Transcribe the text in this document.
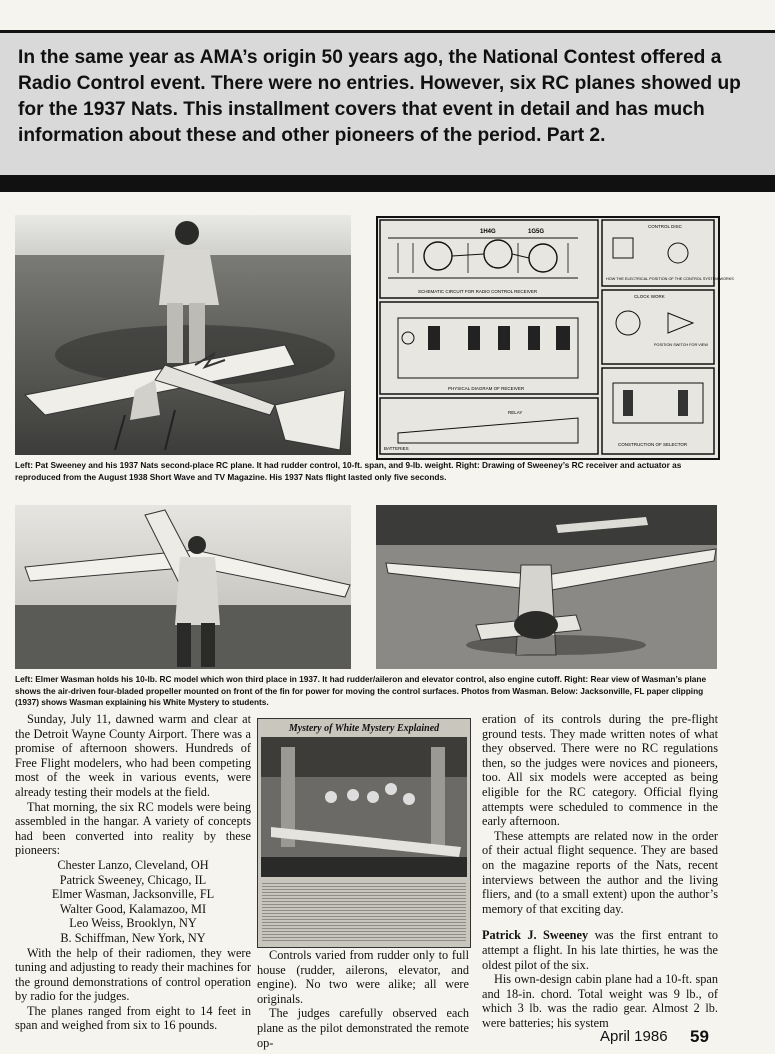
In the same year as AMA’s origin 50 years ago, the National Contest offered a Radio Control event. There were no entries. However, six RC planes showed up for the 1937 Nats. This installment covers that event in detail and has much information about these and other pioneers of the period. Part 2.
1H4G	1G5G
SCHEMATIC CIRCUIT FOR RADIO CONTROL RECEIVER
PHYSICAL DIAGRAM OF RECEIVER
BATTERIES
RELAY
CONTROL DISC
HOW THE ELECTRICAL POSITION OF THE CONTROL SYSTEM WORKS
CLOCK WORK
POSITION SWITCH FOR VIEW
CONSTRUCTION OF SELECTOR
Left: Pat Sweeney and his 1937 Nats second-place RC plane. It had rudder control, 10-ft. span, and 9-lb. weight. Right: Drawing of Sweeney’s RC receiver and actuator as reproduced from the August 1938 Short Wave and TV Magazine. His 1937 Nats flight lasted only five seconds.
Left: Elmer Wasman holds his 10-lb. RC model which won third place in 1937. It had rudder/aileron and elevator control, also engine cutoff. Right: Rear view of Wasman’s plane shows the air-driven four-bladed propeller mounted on front of the fin for power for moving the control surfaces. Photos from Wasman. Below: Jacksonville, FL paper clipping (1937) shows Wasman explaining his White Mystery to students.

Sunday, July 11, dawned warm and clear at the Detroit Wayne County Airport. There was a promise of afternoon showers. Hundreds of Free Flight modelers, who had been competing most of the week in various events, were already testing their models at the field.

That morning, the six RC models were being assembled in the hangar. A variety of concepts had been converted into reality by these pioneers:

Chester Lanzo, Cleveland, OH
Patrick Sweeney, Chicago, IL
Elmer Wasman, Jacksonville, FL
Walter Good, Kalamazoo, MI
Leo Weiss, Brooklyn, NY
B. Schiffman, New York, NY

With the help of their radiomen, they were tuning and adjusting to ready their machines for the ground demonstrations of control operation by radio for the judges.

The planes ranged from eight to 14 feet in span and weighed from six to 16 pounds.

Mystery of White Mystery Explained

Controls varied from rudder only to full house (rudder, ailerons, elevator, and engine). No two were alike; all were originals.

The judges carefully observed each plane as the pilot demonstrated the remote op-

eration of its controls during the pre-flight ground tests. They made written notes of what they observed. There were no RC regulations then, so the judges were novices and pioneers, too. All six models were accepted as being eligible for the RC category. Official flying attempts were scheduled to commence in the early afternoon.

These attempts are related now in the order of their actual flight sequence. They are based on the magazine reports of the Nats, recent interviews between the author and the living fliers, and (to a small extent) upon the author’s memory of that exciting day.

Patrick J. Sweeney was the first entrant to attempt a flight. In his late thirties, he was the oldest pilot of the six.

His own-design cabin plane had a 10-ft. span and 18-in. chord. Total weight was 9 lb., of which 3 lb. was the radio gear. Almost 2 lb. were batteries; his system

April 1986 59
